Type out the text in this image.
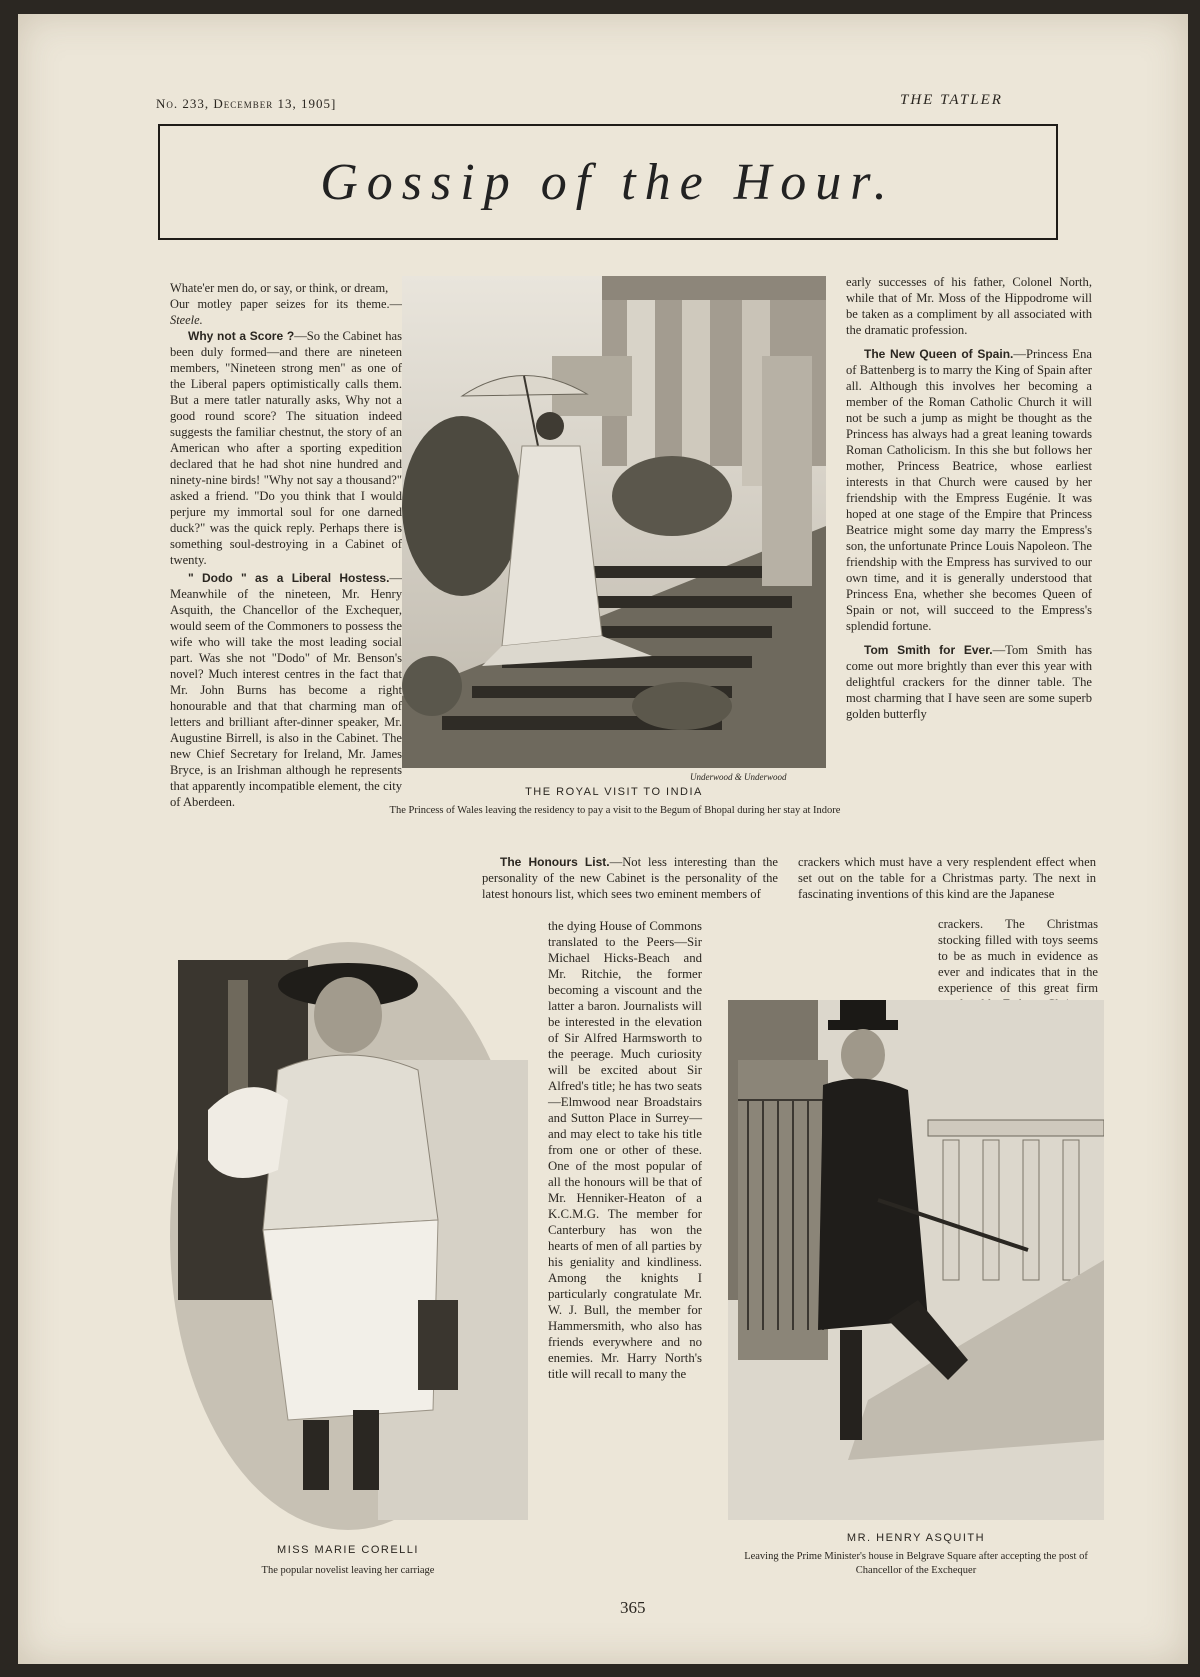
No. 233, December 13, 1905]	THE TATLER
Gossip of the Hour.

Whate'er men do, or say, or think, or dream,
Our motley paper seizes for its theme.—Steele.

Why not a Score ?—So the Cabinet has been duly formed—and there are nineteen members, "Nineteen strong men" as one of the Liberal papers optimistically calls them. But a mere tatler naturally asks, Why not a good round score? The situation indeed suggests the familiar chestnut, the story of an American who after a sporting expedition declared that he had shot nine hundred and ninety-nine birds! "Why not say a thousand?" asked a friend. "Do you think that I would perjure my immortal soul for one darned duck?" was the quick reply. Perhaps there is something soul-destroying in a Cabinet of twenty.

" Dodo " as a Liberal Hostess.—Meanwhile of the nineteen, Mr. Henry Asquith, the Chancellor of the Exchequer, would seem of the Commoners to possess the wife who will take the most leading social part. Was she not "Dodo" of Mr. Benson's novel? Much interest centres in the fact that Mr. John Burns has become a right honourable and that that charming man of letters and brilliant after-dinner speaker, Mr. Augustine Birrell, is also in the Cabinet. The new Chief Secretary for Ireland, Mr. James Bryce, is an Irishman although he represents that apparently incompatible element, the city of Aberdeen.

Underwood & Underwood
THE ROYAL VISIT TO INDIA
The Princess of Wales leaving the residency to pay a visit to the Begum of Bhopal during her stay at Indore

early successes of his father, Colonel North, while that of Mr. Moss of the Hippodrome will be taken as a compliment by all associated with the dramatic profession.

The New Queen of Spain.—Princess Ena of Battenberg is to marry the King of Spain after all. Although this involves her becoming a member of the Roman Catholic Church it will not be such a jump as might be thought as the Princess has always had a great leaning towards Roman Catholicism. In this she but follows her mother, Princess Beatrice, whose earliest interests in that Church were caused by her friendship with the Empress Eugénie. It was hoped at one stage of the Empire that Princess Beatrice might some day marry the Empress's son, the unfortunate Prince Louis Napoleon. The friendship with the Empress has survived to our own time, and it is generally understood that Princess Ena, whether she becomes Queen of Spain or not, will succeed to the Empress's splendid fortune.

Tom Smith for Ever.—Tom Smith has come out more brightly than ever this year with delightful crackers for the dinner table. The most charming that I have seen are some superb golden butterfly

The Honours List.—Not less interesting than the personality of the new Cabinet is the personality of the latest honours list, which sees two eminent members of

crackers which must have a very resplendent effect when set out on the table for a Christmas party. The next in fascinating inventions of this kind are the Japanese

MISS MARIE CORELLI
The popular novelist leaving her carriage

the dying House of Commons translated to the Peers—Sir Michael Hicks-Beach and Mr. Ritchie, the former becoming a viscount and the latter a baron. Journalists will be interested in the elevation of Sir Alfred Harmsworth to the peerage. Much curiosity will be excited about Sir Alfred's title; he has two seats—Elmwood near Broadstairs and Sutton Place in Surrey—and may elect to take his title from one or other of these. One of the most popular of all the honours will be that of Mr. Henniker-Heaton of a K.C.M.G. The member for Canterbury has won the hearts of men of all parties by his geniality and kindliness. Among the knights I particularly congratulate Mr. W. J. Bull, the member for Hammersmith, who also has friends everywhere and no enemies. Mr. Harry North's title will recall to many the

crackers. The Christmas stocking filled with toys seems to be as much in evidence as ever and indicates that in the experience of this great firm

MR. HENRY ASQUITH
Leaving the Prime Minister's house in Belgrave Square after accepting the post of Chancellor of the Exchequer
365
